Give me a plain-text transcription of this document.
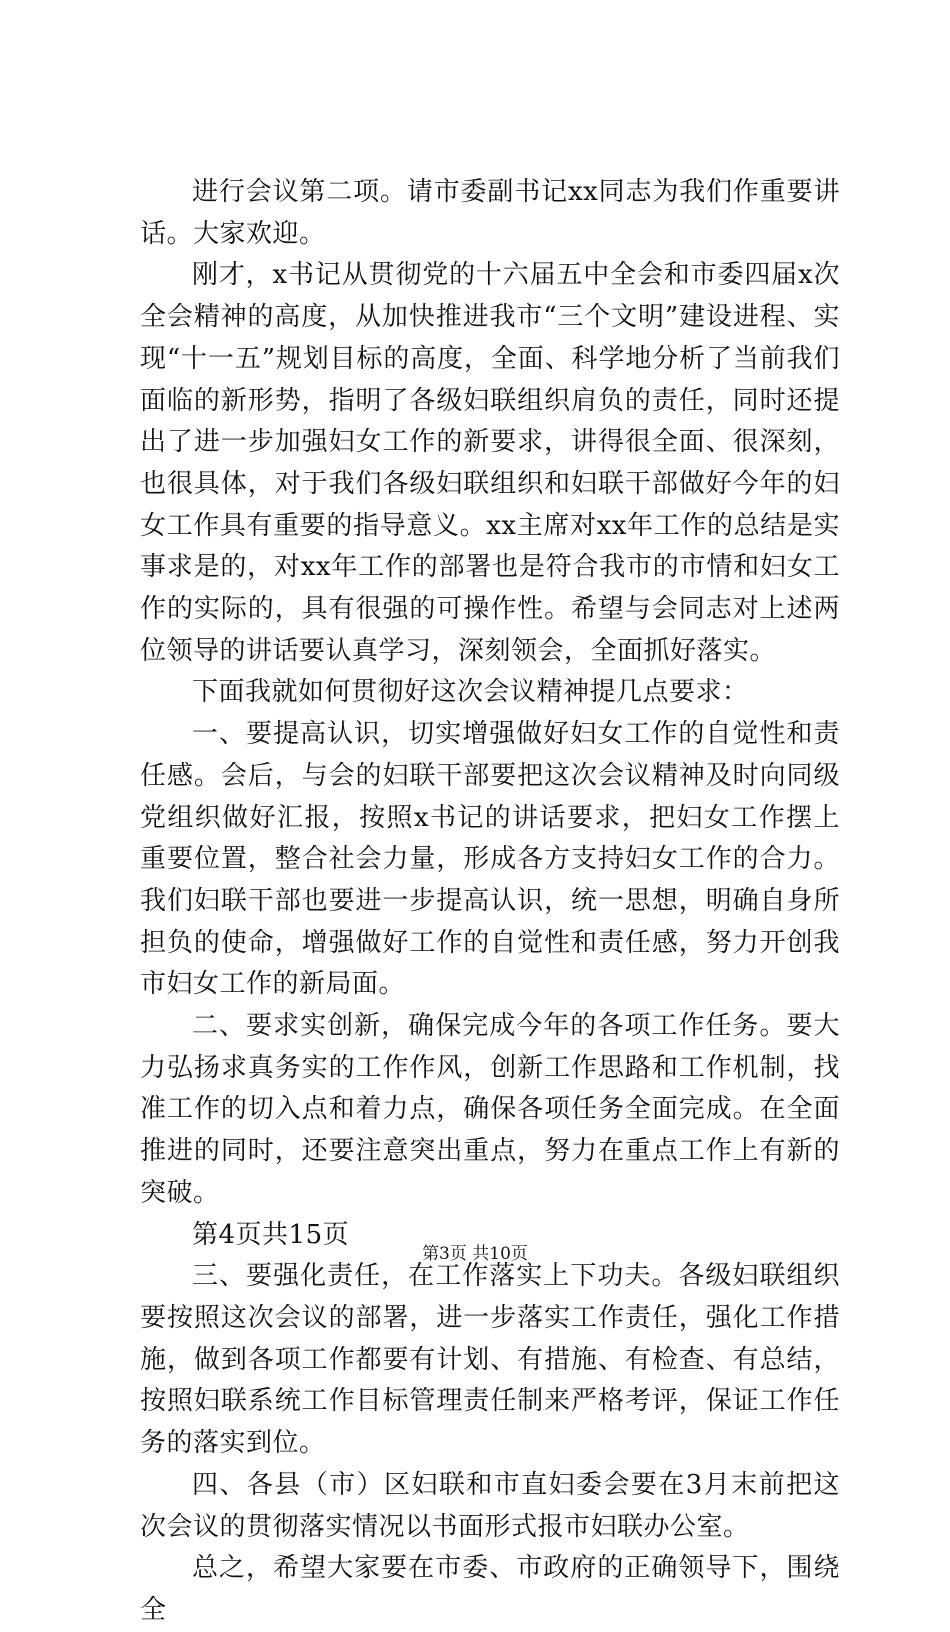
进行会议第二项。请市委副书记xx同志为我们作重要讲话。大家欢迎。

刚才，x书记从贯彻党的十六届五中全会和市委四届x次全会精神的高度，从加快推进我市“三个文明”建设进程、实现“十一五”规划目标的高度，全面、科学地分析了当前我们面临的新形势，指明了各级妇联组织肩负的责任，同时还提出了进一步加强妇女工作的新要求，讲得很全面、很深刻，也很具体，对于我们各级妇联组织和妇联干部做好今年的妇女工作具有重要的指导意义。xx主席对xx年工作的总结是实事求是的，对xx年工作的部署也是符合我市的市情和妇女工作的实际的，具有很强的可操作性。希望与会同志对上述两位领导的讲话要认真学习，深刻领会，全面抓好落实。

下面我就如何贯彻好这次会议精神提几点要求：

一、要提高认识，切实增强做好妇女工作的自觉性和责任感。会后，与会的妇联干部要把这次会议精神及时向同级党组织做好汇报，按照x书记的讲话要求，把妇女工作摆上重要位置，整合社会力量，形成各方支持妇女工作的合力。我们妇联干部也要进一步提高认识，统一思想，明确自身所担负的使命，增强做好工作的自觉性和责任感，努力开创我市妇女工作的新局面。

二、要求实创新，确保完成今年的各项工作任务。要大力弘扬求真务实的工作作风，创新工作思路和工作机制，找准工作的切入点和着力点，确保各项任务全面完成。在全面推进的同时，还要注意突出重点，努力在重点工作上有新的突破。

第4页共15页

三、要强化责任，在工作落实上下功夫。各级妇联组织要按照这次会议的部署，进一步落实工作责任，强化工作措施，做到各项工作都要有计划、有措施、有检查、有总结，按照妇联系统工作目标管理责任制来严格考评，保证工作任务的落实到位。

四、各县（市）区妇联和市直妇委会要在3月末前把这次会议的贯彻落实情况以书面形式报市妇联办公室。

总之，希望大家要在市委、市政府的正确领导下，围绕全

第3页 共10页
